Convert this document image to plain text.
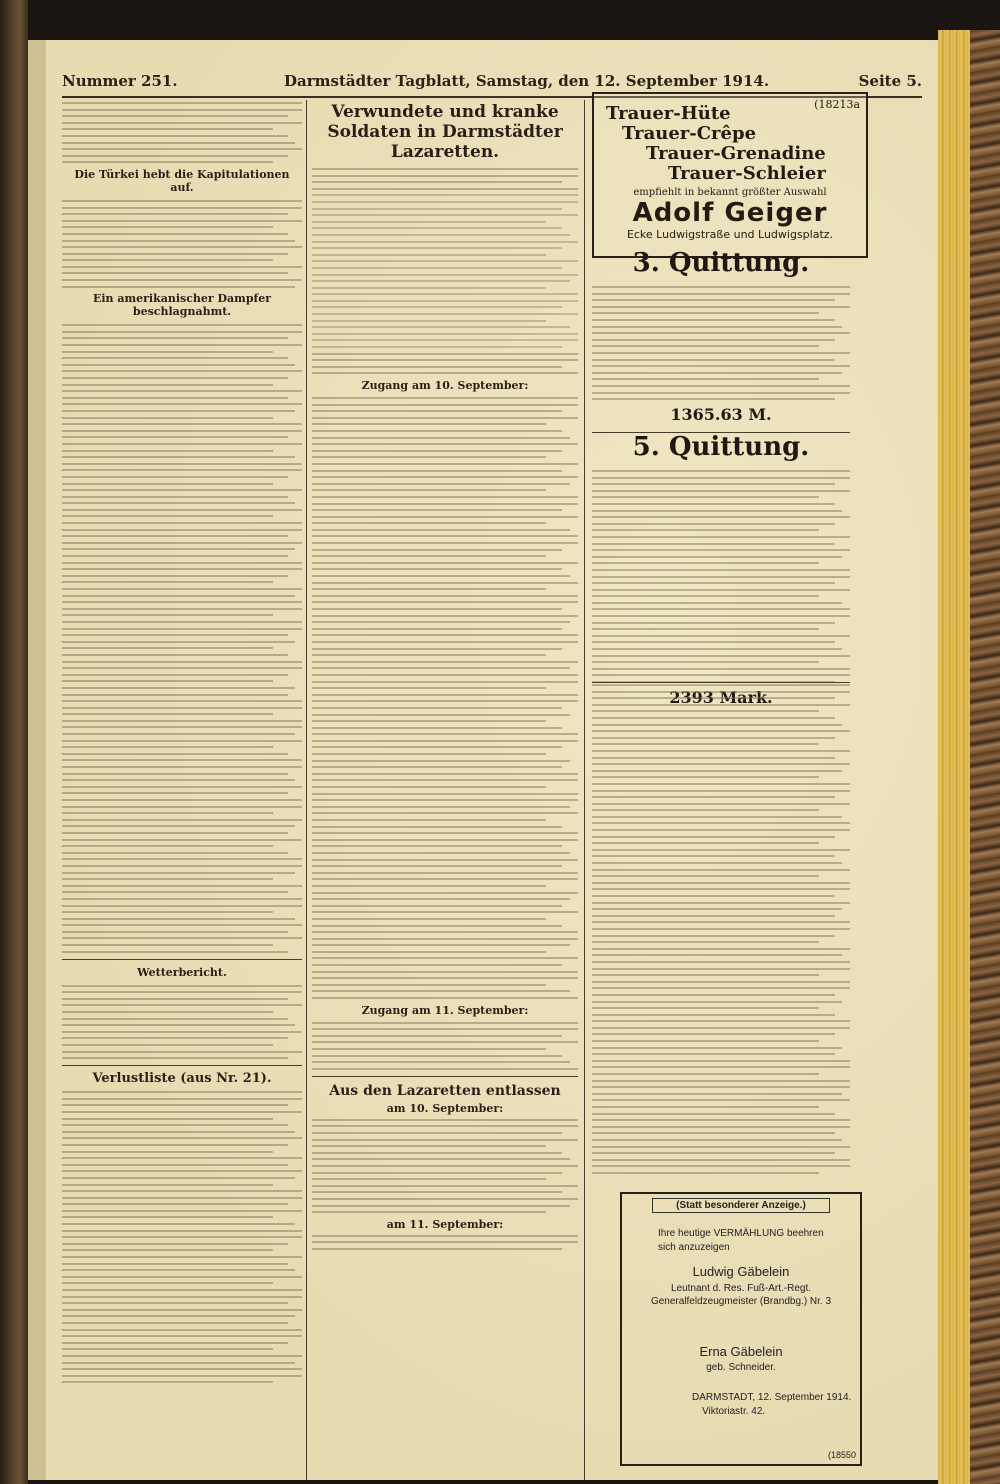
Nummer 251.	Darmstädter Tagblatt, Samstag, den 12. September 1914.	Seite 5.
Die Türkei hebt die Kapitulationen auf.
Ein amerikanischer Dampfer beschlagnahmt.
Wetterbericht.
Verlustliste (aus Nr. 21).
Verwundete und kranke Soldaten in Darmstädter Lazaretten.
Zugang am 10. September:
Zugang am 11. September:
Aus den Lazaretten entlassen
am 10. September:
am 11. September:
(18213a
Trauer-Hüte
Trauer-Crêpe
Trauer-Grenadine
Trauer-Schleier
empfiehlt in bekannt größter Auswahl
Adolf Geiger
Ecke Ludwigstraße und Ludwigsplatz.
3. Quittung.
1365.63 M.
5. Quittung.
2393 Mark.
(Statt besonderer Anzeige.)
Ihre heutige VERMÄHLUNG beehren
sich anzuzeigen
Ludwig Gäbelein
Leutnant d. Res. Fuß-Art.-Regt. Generalfeldzeugmeister (Brandbg.) Nr. 3
Erna Gäbelein
geb. Schneider.
DARMSTADT, 12. September 1914.
Viktoriastr. 42.
(18550
